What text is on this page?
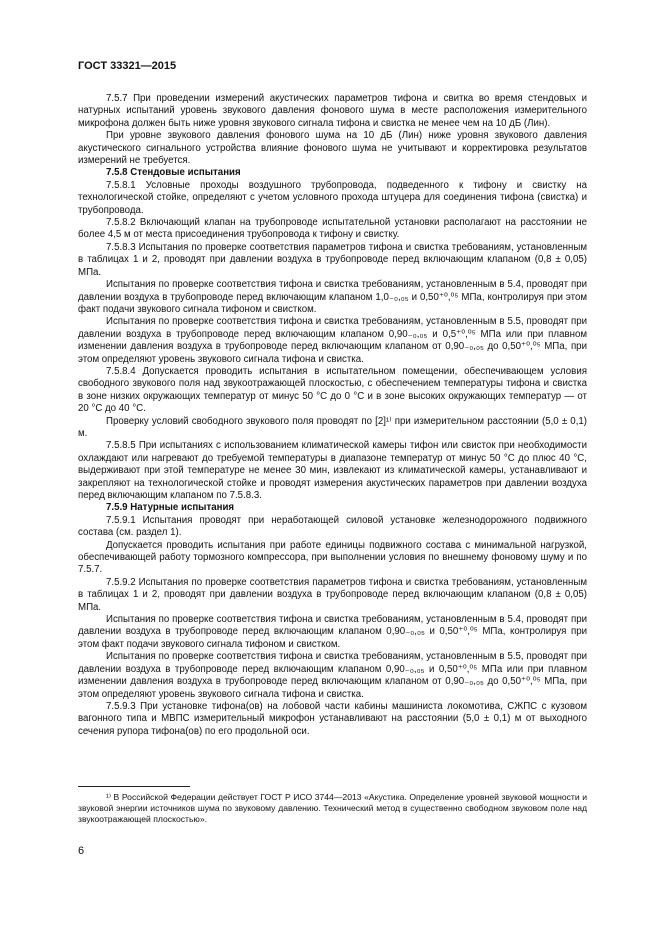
ГОСТ 33321—2015

7.5.7 При проведении измерений акустических параметров тифона и свитка во время стендовых и натурных испытаний уровень звукового давления фонового шума в месте расположения измерительного микрофона должен быть ниже уровня звукового сигнала тифона и свистка не менее чем на 10 дБ (Лин).

При уровне звукового давления фонового шума на 10 дБ (Лин) ниже уровня звукового давления акустического сигнального устройства влияние фонового шума не учитывают и корректировка результатов измерений не требуется.

7.5.8 Стендовые испытания

7.5.8.1 Условные проходы воздушного трубопровода, подведенного к тифону и свистку на технологической стойке, определяют с учетом условного прохода штуцера для соединения тифона (свистка) и трубопровода.

7.5.8.2 Включающий клапан на трубопроводе испытательной установки располагают на расстоянии не более 4,5 м от места присоединения трубопровода к тифону и свистку.

7.5.8.3 Испытания по проверке соответствия параметров тифона и свистка требованиям, установленным в таблицах 1 и 2, проводят при давлении воздуха в трубопроводе перед включающим клапаном (0,8 ± 0,05) МПа.

Испытания по проверке соответствия тифона и свистка требованиям, установленным в 5.4, проводят при давлении воздуха в трубопроводе перед включающим клапаном 1,0₋₀,₀₅ и 0,50⁺⁰,⁰⁵ МПа, контролируя при этом факт подачи звукового сигнала тифоном и свистком.

Испытания по проверке соответствия тифона и свистка требованиям, установленным в 5.5, проводят при давлении воздуха в трубопроводе перед включающим клапаном 0,90₋₀,₀₅ и 0,5⁺⁰,⁰⁵ МПа или при плавном изменении давления воздуха в трубопроводе перед включающим клапаном от 0,90₋₀,₀₅ до 0,50⁺⁰,⁰⁵ МПа, при этом определяют уровень звукового сигнала тифона и свистка.

7.5.8.4 Допускается проводить испытания в испытательном помещении, обеспечивающем условия свободного звукового поля над звукоотражающей плоскостью, с обеспечением температуры тифона и свистка в зоне низких окружающих температур от минус 50 °С до 0 °С и в зоне высоких окружающих температур — от 20 °С до 40 °С.

Проверку условий свободного звукового поля проводят по [2]¹⁾ при измерительном расстоянии (5,0 ± 0,1) м.

7.5.8.5 При испытаниях с использованием климатической камеры тифон или свисток при необходимости охлаждают или нагревают до требуемой температуры в диапазоне температур от минус 50 °С до плюс 40 °С, выдерживают при этой температуре не менее 30 мин, извлекают из климатической камеры, устанавливают и закрепляют на технологической стойке и проводят измерения акустических параметров при давлении воздуха перед включающим клапаном по 7.5.8.3.

7.5.9 Натурные испытания

7.5.9.1 Испытания проводят при неработающей силовой установке железнодорожного подвижного состава (см. раздел 1).

Допускается проводить испытания при работе единицы подвижного состава с минимальной нагрузкой, обеспечивающей работу тормозного компрессора, при выполнении условия по внешнему фоновому шуму и по 7.5.7.

7.5.9.2 Испытания по проверке соответствия параметров тифона и свистка требованиям, установленным в таблицах 1 и 2, проводят при давлении воздуха в трубопроводе перед включающим клапаном (0,8 ± 0,05) МПа.

Испытания по проверке соответствия тифона и свистка требованиям, установленным в 5.4, проводят при давлении воздуха в трубопроводе перед включающим клапаном 0,90₋₀,₀₅ и 0,50⁺⁰,⁰⁵ МПа, контролируя при этом факт подачи звукового сигнала тифоном и свистком.

Испытания по проверке соответствия тифона и свистка требованиям, установленным в 5.5, проводят при давлении воздуха в трубопроводе перед включающим клапаном 0,90₋₀,₀₅ и 0,50⁺⁰,⁰⁵ МПа или при плавном изменении давления воздуха в трубопроводе перед включающим клапаном от 0,90₋₀,₀₅ до 0,50⁺⁰,⁰⁵ МПа, при этом определяют уровень звукового сигнала тифона и свистка.

7.5.9.3 При установке тифона(ов) на лобовой части кабины машиниста локомотива, СЖПС с кузовом вагонного типа и МВПС измерительный микрофон устанавливают на расстоянии (5,0 ± 0,1) м от выходного сечения рупора тифона(ов) по его продольной оси.

¹⁾ В Российской Федерации действует ГОСТ Р ИСО 3744—2013 «Акустика. Определение уровней звуковой мощности и звуковой энергии источников шума по звуковому давлению. Технический метод в существенно свободном звуковом поле над звукоотражающей плоскостью».

6
